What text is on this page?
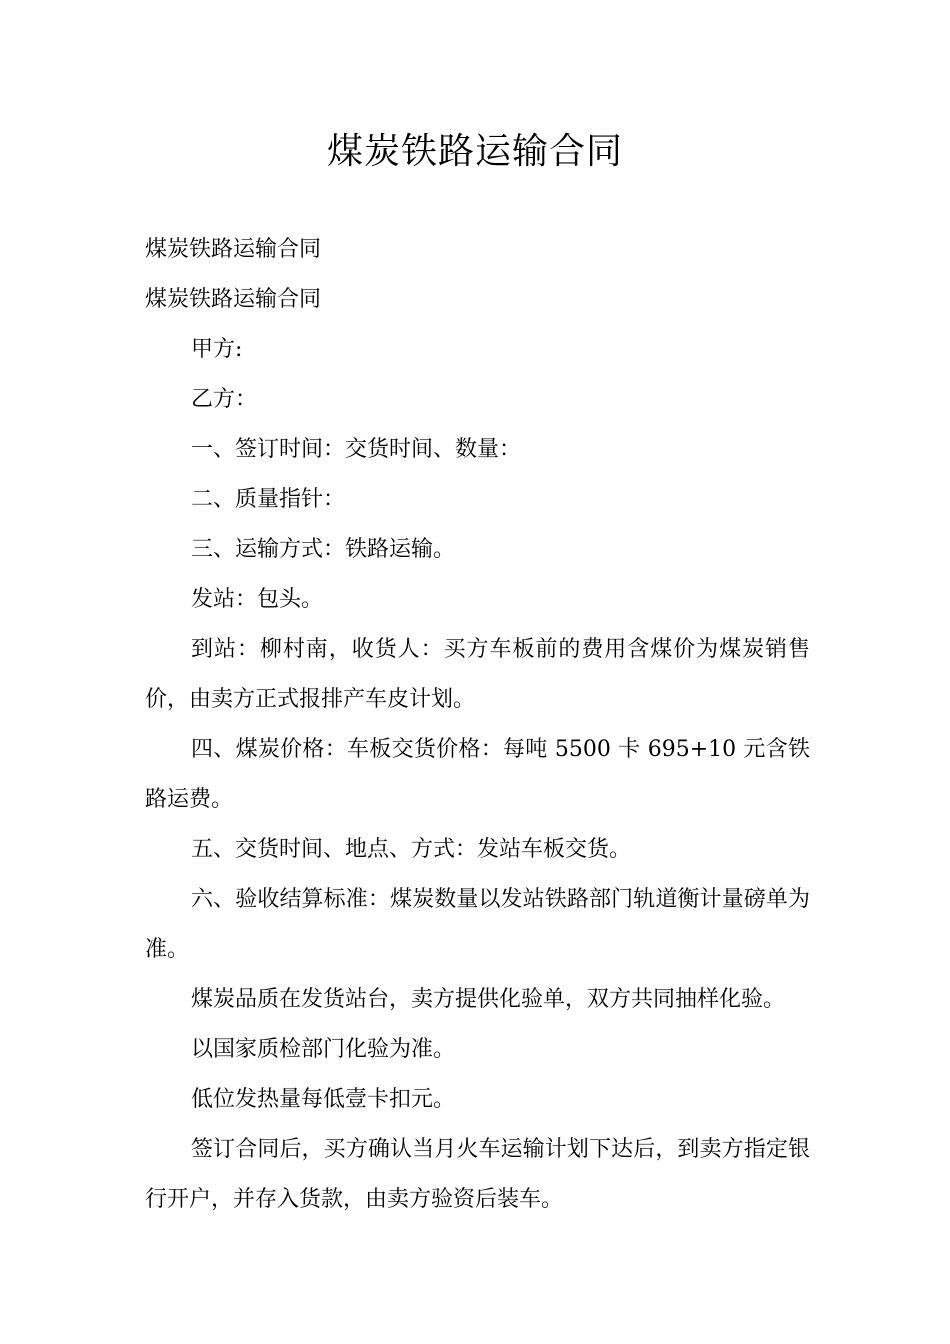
煤炭铁路运输合同

煤炭铁路运输合同

煤炭铁路运输合同

甲方:

乙方：

一、签订时间：交货时间、数量：

二、质量指针：

三、运输方式：铁路运输。

发站：包头。

到站：柳村南，收货人：买方车板前的费用含煤价为煤炭销售价，由卖方正式报排产车皮计划。

四、煤炭价格：车板交货价格：每吨 5500 卡 695+10 元含铁路运费。

五、交货时间、地点、方式：发站车板交货。

六、验收结算标准：煤炭数量以发站铁路部门轨道衡计量磅单为准。

煤炭品质在发货站台，卖方提供化验单，双方共同抽样化验。

以国家质检部门化验为准。

低位发热量每低壹卡扣元。

签订合同后，买方确认当月火车运输计划下达后，到卖方指定银行开户，并存入货款，由卖方验资后装车。
